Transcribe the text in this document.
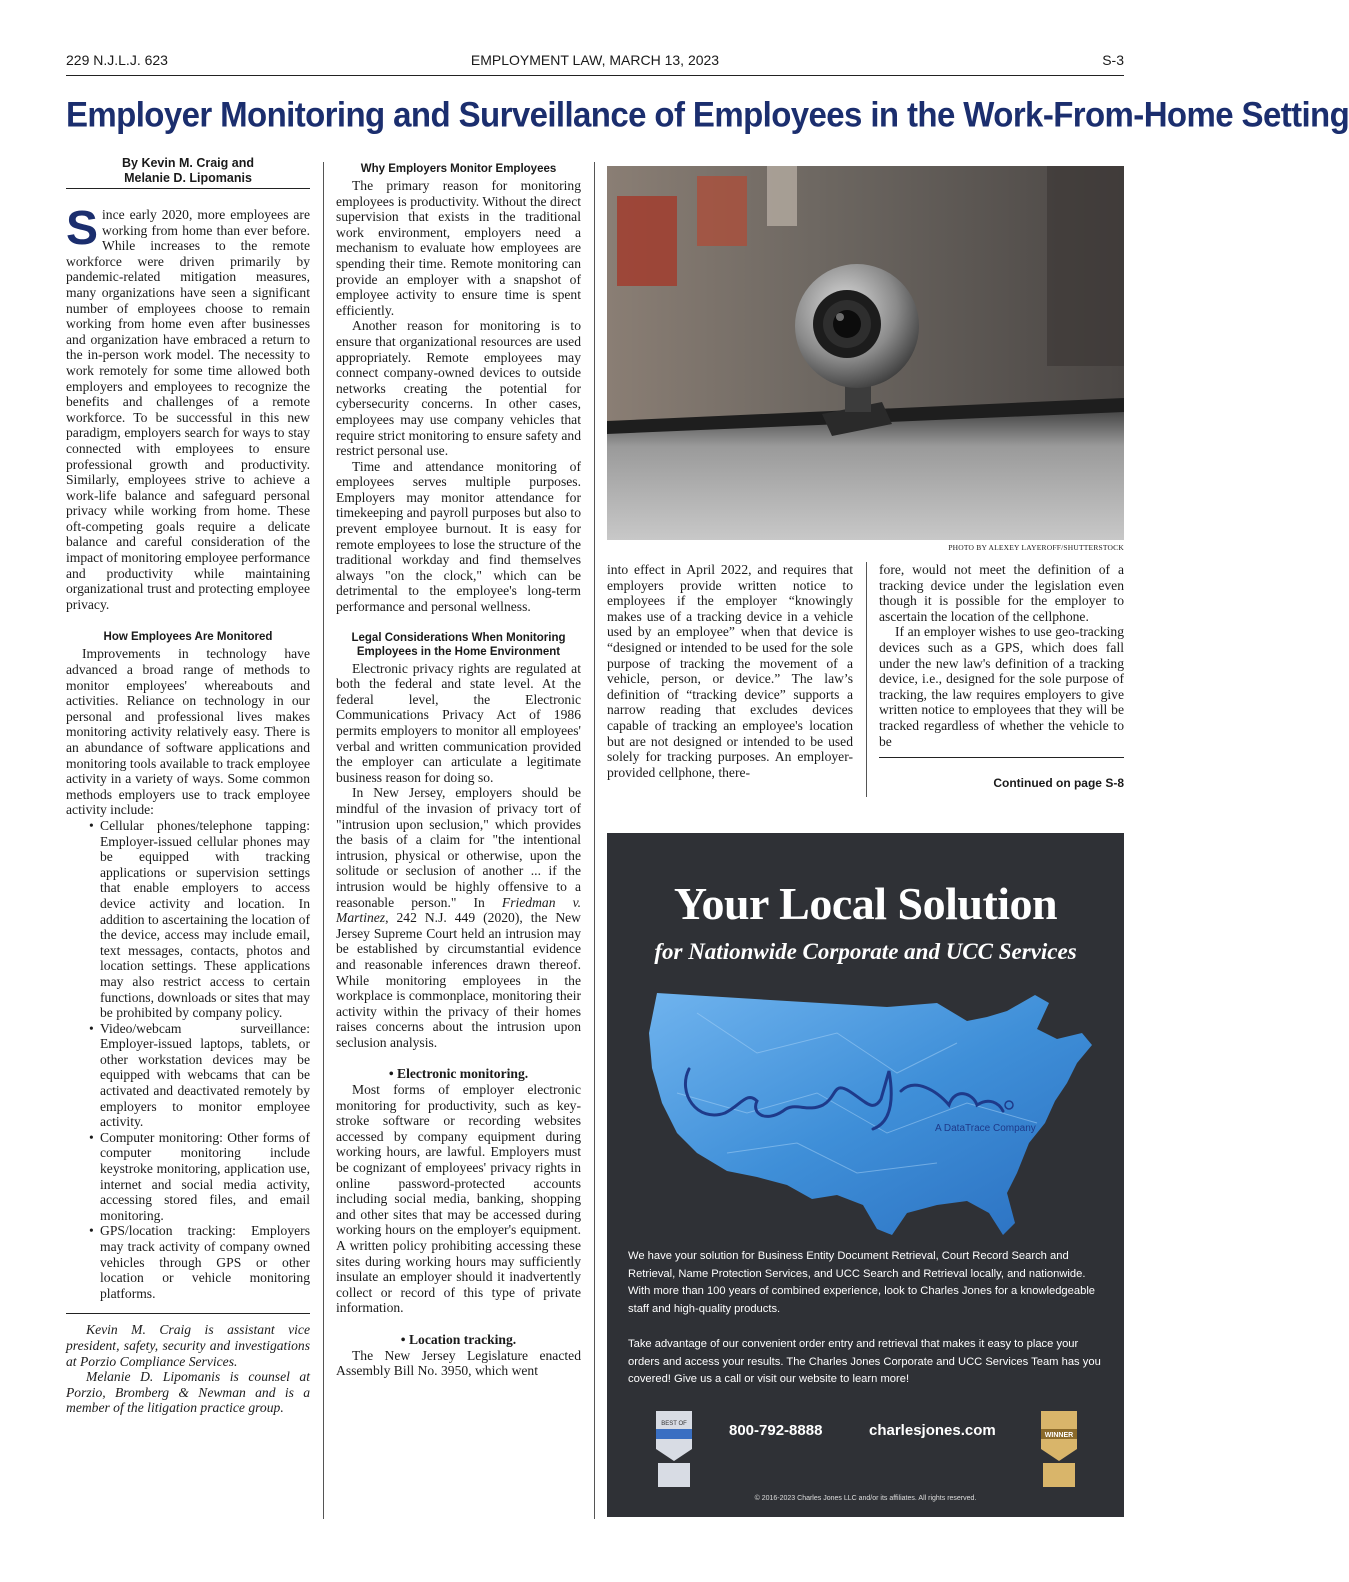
229 N.J.L.J. 623	EMPLOYMENT LAW, MARCH 13, 2023	S-3
Employer Monitoring and Surveillance of Employees in the Work-From-Home Setting
By Kevin M. Craig and
Melanie D. Lipomanis

Since early 2020, more employees are working from home than ever before. While increases to the remote workforce were driven primarily by pandemic-related mitigation measures, many organizations have seen a significant number of employees choose to remain working from home even after businesses and organization have embraced a return to the in-person work model. The necessity to work remotely for some time allowed both employers and employees to recognize the benefits and challenges of a remote workforce. To be successful in this new paradigm, employers search for ways to stay connected with employees to ensure professional growth and productivity. Similarly, employees strive to achieve a work-life balance and safeguard personal privacy while working from home. These oft-competing goals require a delicate balance and careful consideration of the impact of monitoring employee performance and productivity while maintaining organizational trust and protecting employee privacy.

How Employees Are Monitored

Improvements in technology have advanced a broad range of methods to monitor employees' whereabouts and activities. Reliance on technology in our personal and professional lives makes monitoring activity relatively easy. There is an abundance of software applications and monitoring tools available to track employee activity in a variety of ways. Some common methods employers use to track employee activity include:

• Cellular phones/telephone tapping: Employer-issued cellular phones may be equipped with tracking applications or supervision settings that enable employers to access device activity and location. In addition to ascertaining the location of the device, access may include email, text messages, contacts, photos and location settings. These applications may also restrict access to certain functions, downloads or sites that may be prohibited by company policy.
• Video/webcam surveillance: Employer-issued laptops, tablets, or other workstation devices may be equipped with webcams that can be activated and deactivated remotely by employers to monitor employee activity.
• Computer monitoring: Other forms of computer monitoring include keystroke monitoring, application use, internet and social media activity, accessing stored files, and email monitoring.
• GPS/location tracking: Employers may track activity of company owned vehicles through GPS or other location or vehicle monitoring platforms.

Kevin M. Craig is assistant vice president, safety, security and investigations at Porzio Compliance Services.

Melanie D. Lipomanis is counsel at Porzio, Bromberg & Newman and is a member of the litigation practice group.

Why Employers Monitor Employees

The primary reason for monitoring employees is productivity. Without the direct supervision that exists in the traditional work environment, employers need a mechanism to evaluate how employees are spending their time. Remote monitoring can provide an employer with a snapshot of employee activity to ensure time is spent efficiently.

Another reason for monitoring is to ensure that organizational resources are used appropriately. Remote employees may connect company-owned devices to outside networks creating the potential for cybersecurity concerns. In other cases, employees may use company vehicles that require strict monitoring to ensure safety and restrict personal use.

Time and attendance monitoring of employees serves multiple purposes. Employers may monitor attendance for timekeeping and payroll purposes but also to prevent employee burnout. It is easy for remote employees to lose the structure of the traditional workday and find themselves always "on the clock," which can be detrimental to the employee's long-term performance and personal wellness.

Legal Considerations When Monitoring
Employees in the Home Environment

Electronic privacy rights are regulated at both the federal and state level. At the federal level, the Electronic Communications Privacy Act of 1986 permits employers to monitor all employees' verbal and written communication provided the employer can articulate a legitimate business reason for doing so.

In New Jersey, employers should be mindful of the invasion of privacy tort of "intrusion upon seclusion," which provides the basis of a claim for "the intentional intrusion, physical or otherwise, upon the solitude or seclusion of another ... if the intrusion would be highly offensive to a reasonable person." In Friedman v. Martinez, 242 N.J. 449 (2020), the New Jersey Supreme Court held an intrusion may be established by circumstantial evidence and reasonable inferences drawn thereof. While monitoring employees in the workplace is commonplace, monitoring their activity within the privacy of their homes raises concerns about the intrusion upon seclusion analysis.

• Electronic monitoring.

Most forms of employer electronic monitoring for productivity, such as key-stroke software or recording websites accessed by company equipment during working hours, are lawful. Employers must be cognizant of employees' privacy rights in online password-protected accounts including social media, banking, shopping and other sites that may be accessed during working hours on the employer's equipment. A written policy prohibiting accessing these sites during working hours may sufficiently insulate an employer should it inadvertently collect or record of this type of private information.

• Location tracking.

The New Jersey Legislature enacted Assembly Bill No. 3950, which went

PHOTO BY ALEXEY LAYEROFF/SHUTTERSTOCK

into effect in April 2022, and requires that employers provide written notice to employees if the employer “knowingly makes use of a tracking device in a vehicle used by an employee” when that device is “designed or intended to be used for the sole purpose of tracking the movement of a vehicle, person, or device.” The law’s definition of “tracking device” supports a narrow reading that excludes devices capable of tracking an employee's location but are not designed or intended to be used solely for tracking purposes. An employer-provided cellphone, there-

fore, would not meet the definition of a tracking device under the legislation even though it is possible for the employer to ascertain the location of the cellphone.

If an employer wishes to use geo-tracking devices such as a GPS, which does fall under the new law's definition of a tracking device, i.e., designed for the sole purpose of tracking, the law requires employers to give written notice to employees that they will be tracked regardless of whether the vehicle to be

Continued on page S-8
Your Local Solution
for Nationwide Corporate and UCC Services
A DataTrace Company
We have your solution for Business Entity Document Retrieval, Court Record Search and Retrieval, Name Protection Services, and UCC Search and Retrieval locally, and nationwide. With more than 100 years of combined experience, look to Charles Jones for a knowledgeable staff and high-quality products.
Take advantage of our convenient order entry and retrieval that makes it easy to place your orders and access your results. The Charles Jones Corporate and UCC Services Team has you covered! Give us a call or visit our website to learn more!
BEST OF	800-792-8888	charlesjones.com	WINNER
© 2016-2023 Charles Jones LLC and/or its affiliates. All rights reserved.
